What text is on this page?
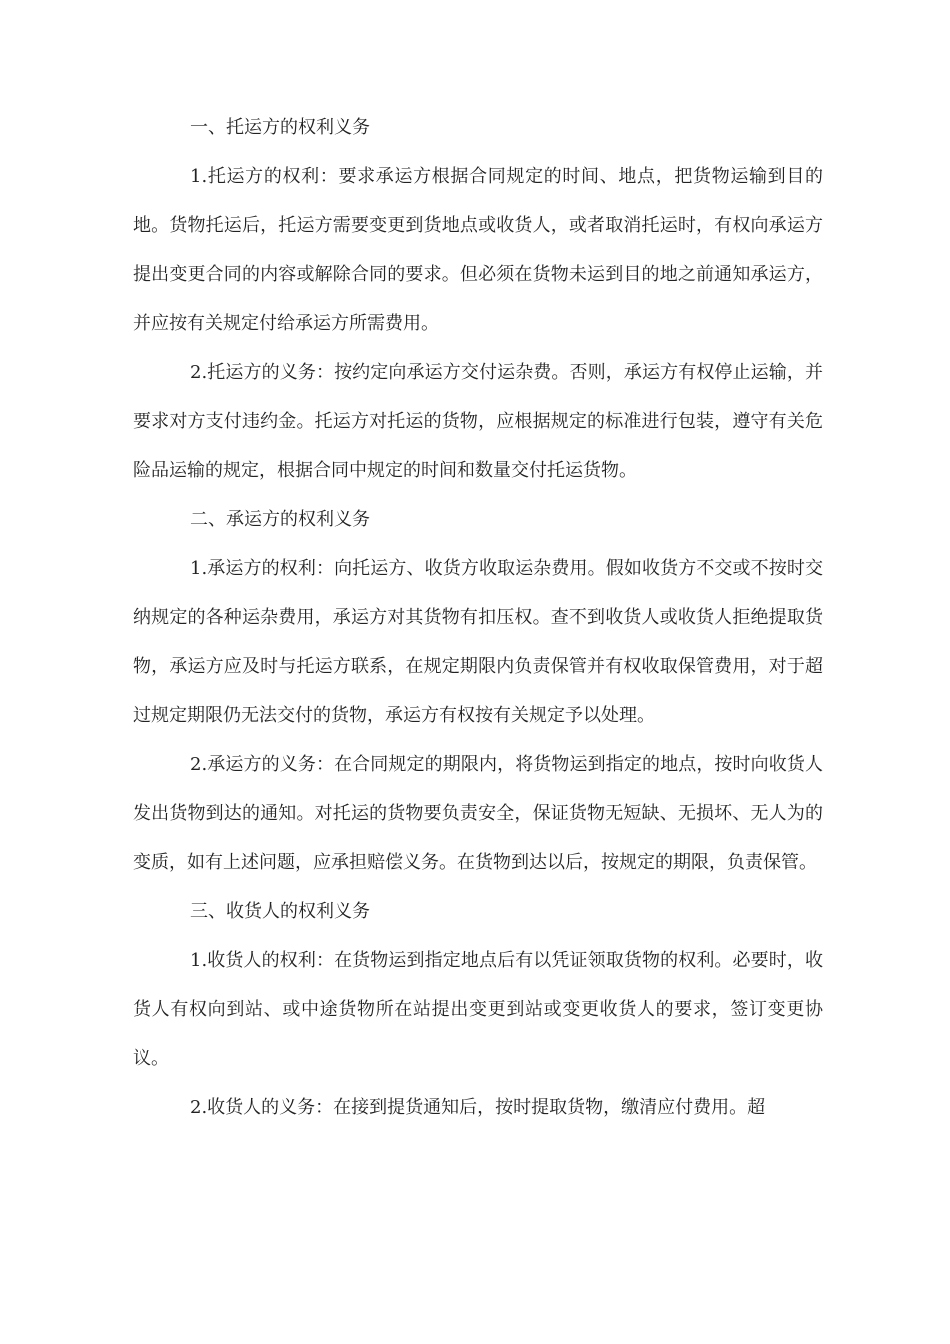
一、托运方的权利义务

1.托运方的权利：要求承运方根据合同规定的时间、地点，把货物运输到目的地。货物托运后，托运方需要变更到货地点或收货人，或者取消托运时，有权向承运方提出变更合同的内容或解除合同的要求。但必须在货物未运到目的地之前通知承运方，并应按有关规定付给承运方所需费用。

2.托运方的义务：按约定向承运方交付运杂费。否则，承运方有权停止运输，并要求对方支付违约金。托运方对托运的货物，应根据规定的标准进行包装，遵守有关危险品运输的规定，根据合同中规定的时间和数量交付托运货物。

二、承运方的权利义务

1.承运方的权利：向托运方、收货方收取运杂费用。假如收货方不交或不按时交纳规定的各种运杂费用，承运方对其货物有扣压权。查不到收货人或收货人拒绝提取货物，承运方应及时与托运方联系，在规定期限内负责保管并有权收取保管费用，对于超过规定期限仍无法交付的货物，承运方有权按有关规定予以处理。

2.承运方的义务：在合同规定的期限内，将货物运到指定的地点，按时向收货人发出货物到达的通知。对托运的货物要负责安全，保证货物无短缺、无损坏、无人为的变质，如有上述问题，应承担赔偿义务。在货物到达以后，按规定的期限，负责保管。

三、收货人的权利义务

1.收货人的权利：在货物运到指定地点后有以凭证领取货物的权利。必要时，收货人有权向到站、或中途货物所在站提出变更到站或变更收货人的要求，签订变更协议。

2.收货人的义务：在接到提货通知后，按时提取货物，缴清应付费用。超
